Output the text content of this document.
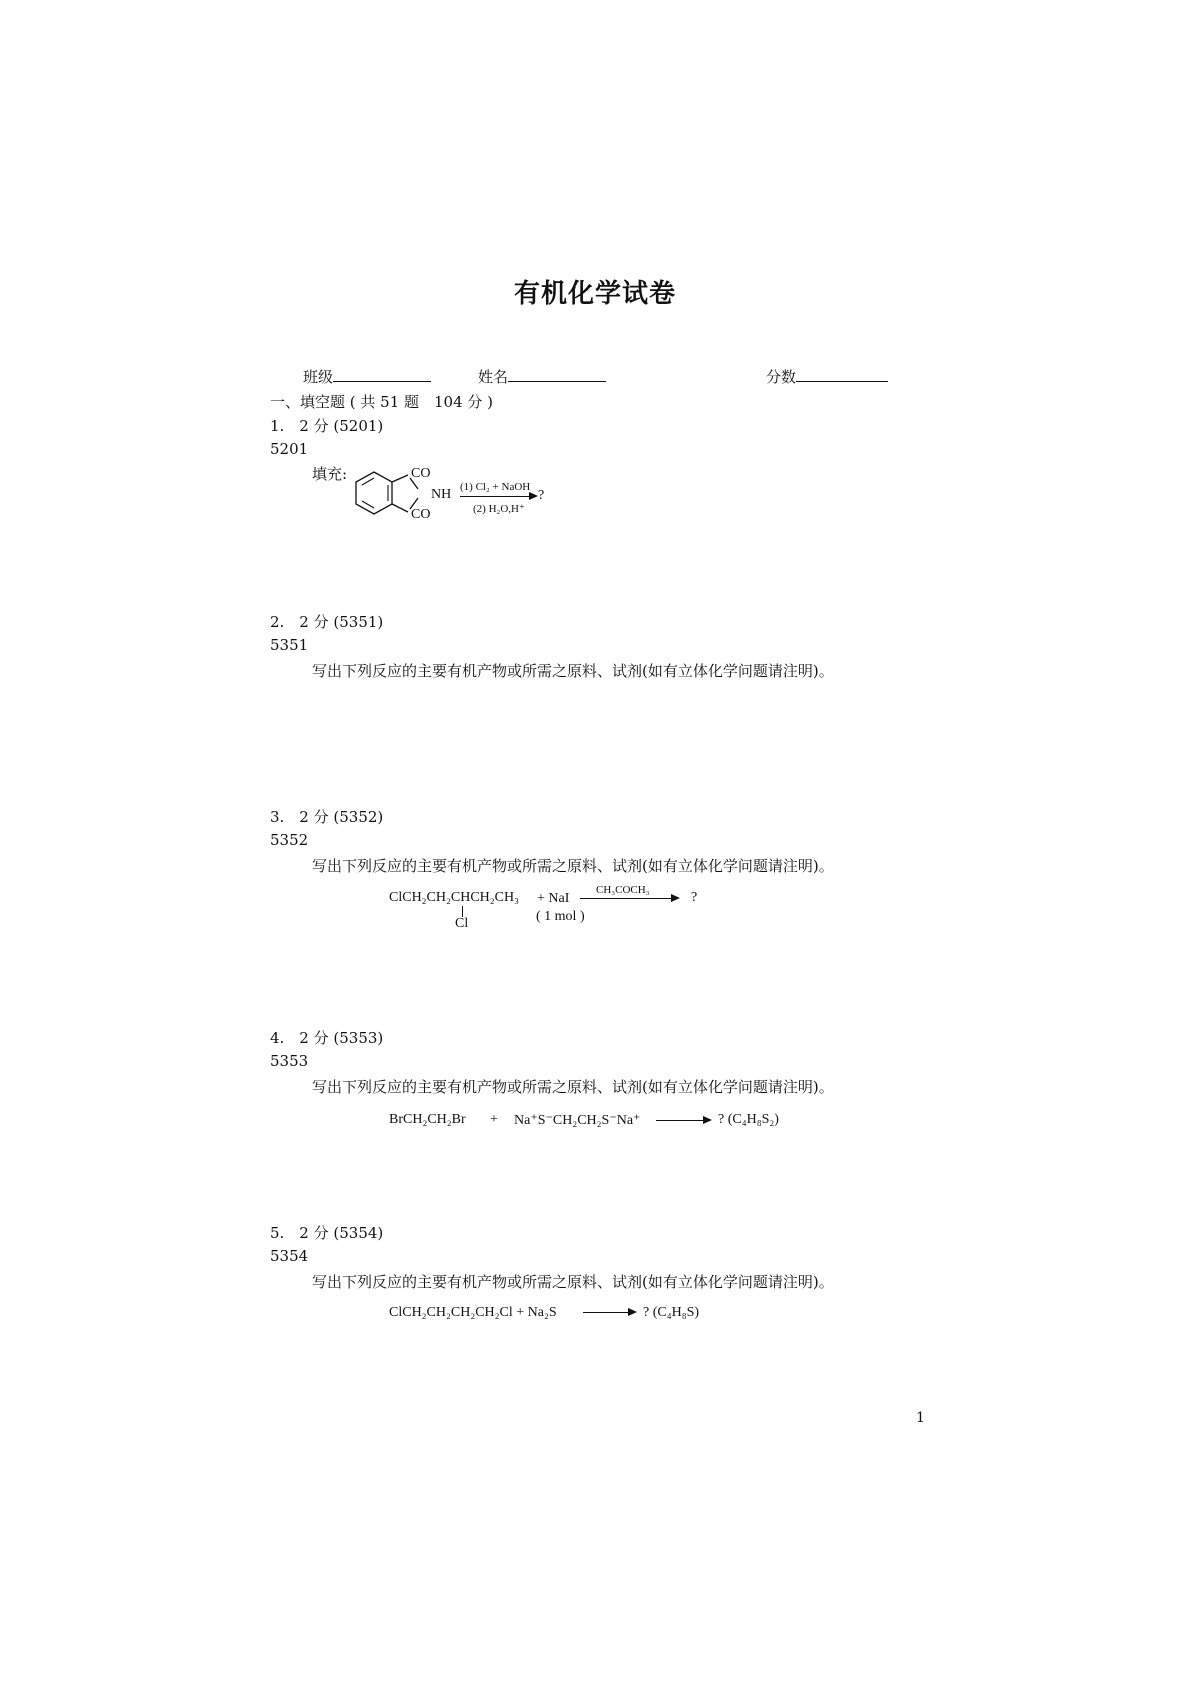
有机化学试卷
班级	姓名	分数
一、填空题 ( 共 51 题　104 分 )
1.　2 分 (5201)
5201
填充:	CO
NH
CO
(1) Cl₂ + NaOH
(2) H₂O,H⁺
?
2.　2 分 (5351)
5351
写出下列反应的主要有机产物或所需之原料、试剂(如有立体化学问题请注明)。
3.　2 分 (5352)
5352
写出下列反应的主要有机产物或所需之原料、试剂(如有立体化学问题请注明)。
ClCH₂CH₂CHCH₂CH₃
Cl
+ NaI
( 1 mol )
CH₃COCH₃	?
4.　2 分 (5353)
5353
写出下列反应的主要有机产物或所需之原料、试剂(如有立体化学问题请注明)。
BrCH₂CH₂Br + Na⁺S⁻CH₂CH₂S⁻Na⁺ → ? (C₄H₈S₂)
5.　2 分 (5354)
5354
写出下列反应的主要有机产物或所需之原料、试剂(如有立体化学问题请注明)。
ClCH₂CH₂CH₂CH₂Cl + Na₂S → ? (C₄H₈S)
1
